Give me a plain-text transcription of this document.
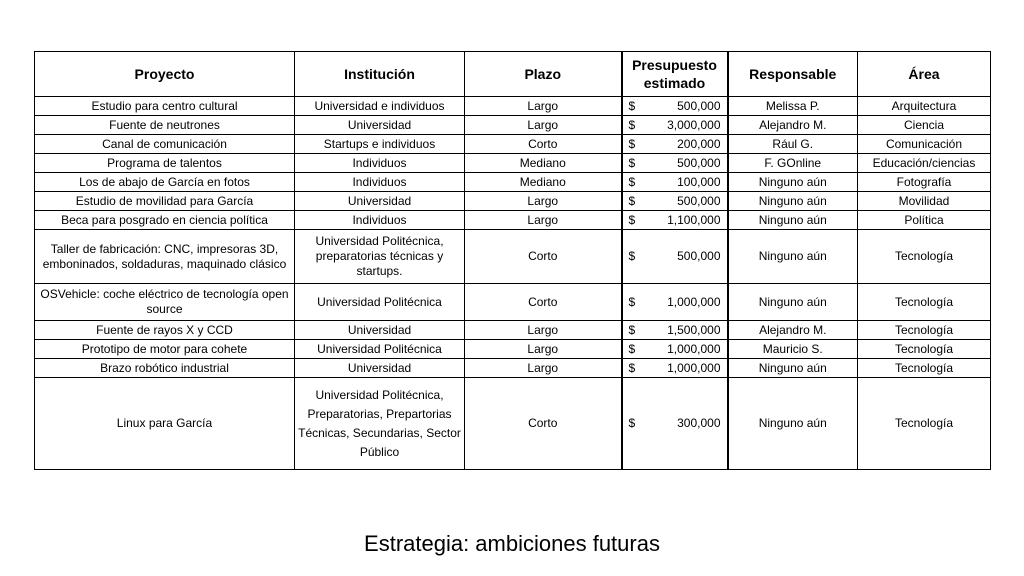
Proyecto	Institución	Plazo	Presupuesto estimado	Responsable	Área
Estudio para centro cultural	Universidad e individuos	Largo	$ 500,000	Melissa P.	Arquitectura
Fuente de neutrones	Universidad	Largo	$ 3,000,000	Alejandro M.	Ciencia
Canal de comunicación	Startups e individuos	Corto	$ 200,000	Rául G.	Comunicación
Programa de talentos	Individuos	Mediano	$ 500,000	F. GOnline	Educación/ciencias
Los de abajo de García en fotos	Individuos	Mediano	$ 100,000	Ninguno aún	Fotografía
Estudio de movilidad para García	Universidad	Largo	$ 500,000	Ninguno aún	Movilidad
Beca para posgrado en ciencia política	Individuos	Largo	$ 1,100,000	Ninguno aún	Política
Taller de fabricación: CNC, impresoras 3D, emboninados, soldaduras, maquinado clásico	Universidad Politécnica, preparatorias técnicas y startups.	Corto	$ 500,000	Ninguno aún	Tecnología
OSVehicle: coche eléctrico de tecnología open source	Universidad Politécnica	Corto	$ 1,000,000	Ninguno aún	Tecnología
Fuente de rayos X y CCD	Universidad	Largo	$ 1,500,000	Alejandro M.	Tecnología
Prototipo de motor para cohete	Universidad Politécnica	Largo	$ 1,000,000	Mauricio S.	Tecnología
Brazo robótico industrial	Universidad	Largo	$ 1,000,000	Ninguno aún	Tecnología
Linux para García	Universidad Politécnica, Preparatorias, Prepartorias Técnicas, Secundarias, Sector Público	Corto	$ 300,000	Ninguno aún	Tecnología
Estrategia: ambiciones futuras
